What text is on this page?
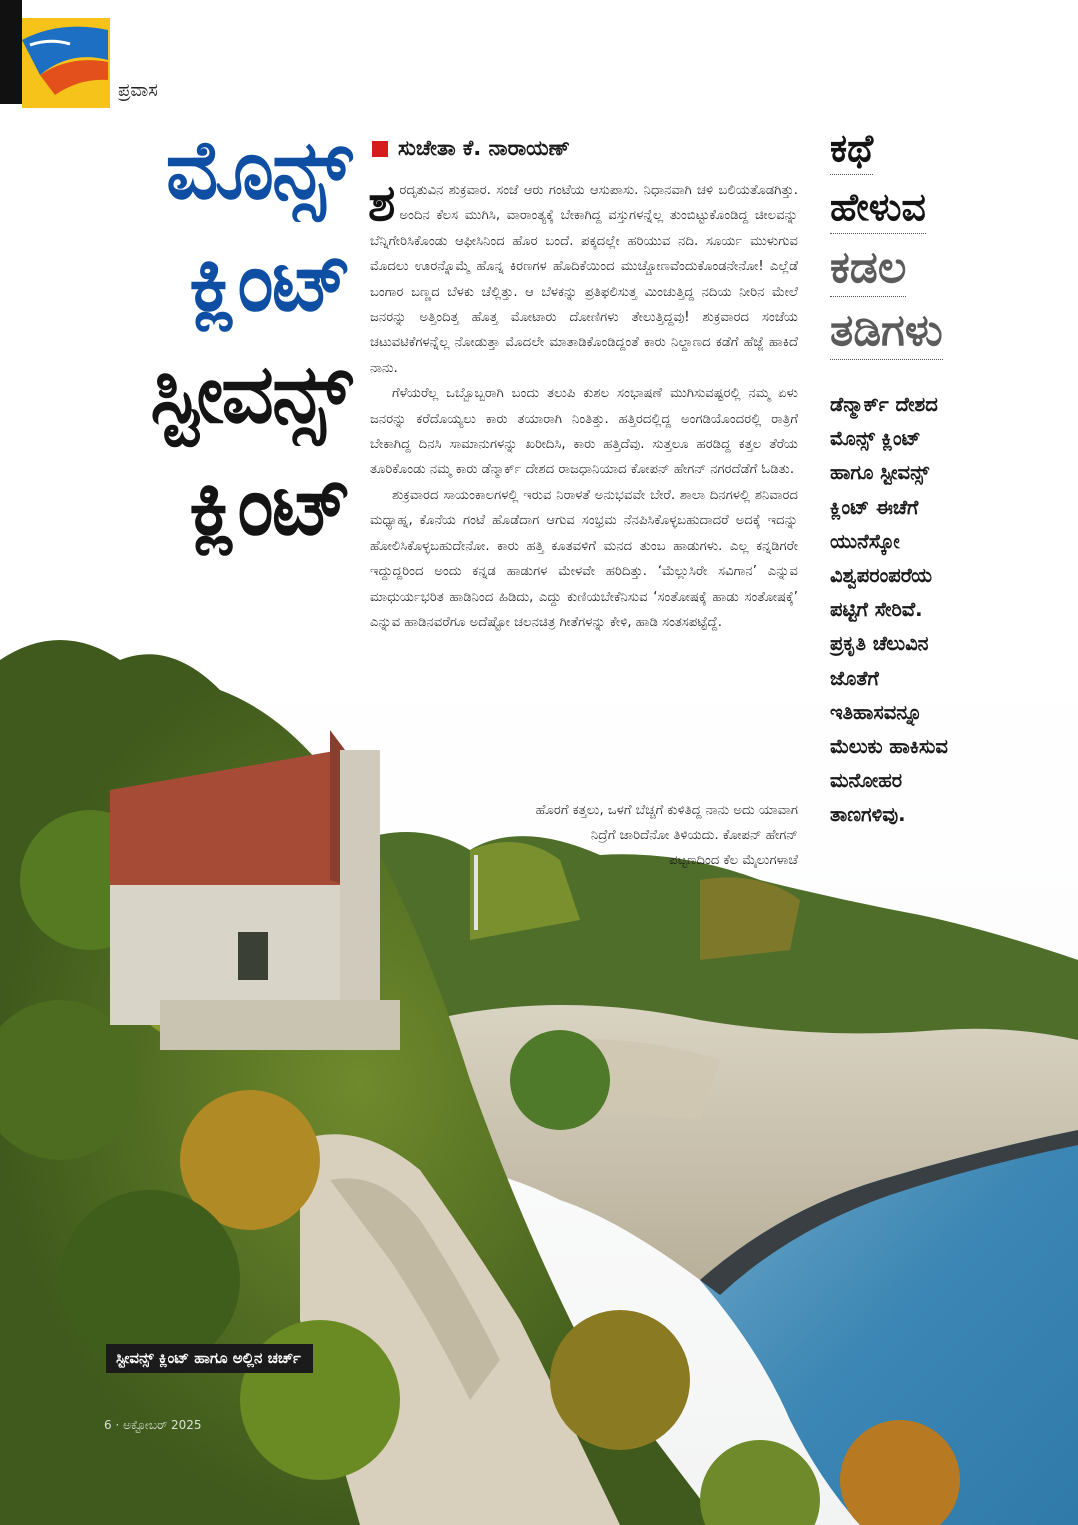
ಪ್ರವಾಸ
ಮೊನ್ಸ್
ಕ್ಲಿಂಟ್
ಸ್ಟೀವನ್ಸ್
ಕ್ಲಿಂಟ್
ಸುಚೇತಾ ಕೆ. ನಾರಾಯಣ್

ಶರದೃತುವಿನ ಶುಕ್ರವಾರ. ಸಂಜೆ ಆರು ಗಂಟೆಯ ಆಸುಪಾಸು. ನಿಧಾನವಾಗಿ ಚಳಿ ಬಲಿಯತೊಡಗಿತ್ತು. ಅಂದಿನ ಕೆಲಸ ಮುಗಿಸಿ, ವಾರಾಂತ್ಯಕ್ಕೆ ಬೇಕಾಗಿದ್ದ ವಸ್ತುಗಳನ್ನೆಲ್ಲ ತುಂಬಿಟ್ಟುಕೊಂಡಿದ್ದ ಚೀಲವನ್ನು ಬೆನ್ನಿಗೇರಿಸಿಕೊಂಡು ಆಫೀಸಿನಿಂದ ಹೊರ ಬಂದೆ. ಪಕ್ಕದಲ್ಲೇ ಹರಿಯುವ ನದಿ. ಸೂರ್ಯ ಮುಳುಗುವ ಮೊದಲು ಊರನ್ನೊಮ್ಮೆ ಹೊನ್ನ ಕಿರಣಗಳ ಹೊದಿಕೆಯಿಂದ ಮುಚ್ಚೋಣವೆಂದುಕೊಂಡನೇನೋ! ಎಲ್ಲೆಡೆ ಬಂಗಾರ ಬಣ್ಣದ ಬೆಳಕು ಚೆಲ್ಲಿತ್ತು. ಆ ಬೆಳಕನ್ನು ಪ್ರತಿಫಲಿಸುತ್ತ ಮಿಂಚುತ್ತಿದ್ದ ನದಿಯ ನೀರಿನ ಮೇಲೆ ಜನರನ್ನು ಅತ್ತಿಂದಿತ್ತ ಹೊತ್ತ ಮೋಟಾರು ದೋಣಿಗಳು ತೇಲುತ್ತಿದ್ದವು! ಶುಕ್ರವಾರದ ಸಂಜೆಯ ಚಟುವಟಿಕೆಗಳನ್ನೆಲ್ಲ ನೋಡುತ್ತಾ ಮೊದಲೇ ಮಾತಾಡಿಕೊಂಡಿದ್ದಂತೆ ಕಾರು ನಿಲ್ದಾಣದ ಕಡೆಗೆ ಹೆಜ್ಜೆ ಹಾಕಿದೆ ನಾನು.

ಗೆಳೆಯರೆಲ್ಲ ಒಬ್ಬೊಬ್ಬರಾಗಿ ಬಂದು ತಲುಪಿ ಕುಶಲ ಸಂಭಾಷಣೆ ಮುಗಿಸುವಷ್ಟರಲ್ಲಿ ನಮ್ಮ ಏಳು ಜನರನ್ನು ಕರೆದೊಯ್ಯಲು ಕಾರು ತಯಾರಾಗಿ ನಿಂತಿತ್ತು. ಹತ್ತಿರದಲ್ಲಿದ್ದ ಅಂಗಡಿಯೊಂದರಲ್ಲಿ ರಾತ್ರಿಗೆ ಬೇಕಾಗಿದ್ದ ದಿನಸಿ ಸಾಮಾನುಗಳನ್ನು ಖರೀದಿಸಿ, ಕಾರು ಹತ್ತಿದೆವು. ಸುತ್ತಲೂ ಹರಡಿದ್ದ ಕತ್ತಲ ತೆರೆಯ ತೂರಿಕೊಂಡು ನಮ್ಮ ಕಾರು ಡೆನ್ಮಾರ್ಕ್ ದೇಶದ ರಾಜಧಾನಿಯಾದ ಕೋಪನ್ ಹೇಗನ್ ನಗರದೆಡೆಗೆ ಓಡಿತು.

ಶುಕ್ರವಾರದ ಸಾಯಂಕಾಲಗಳಲ್ಲಿ ಇರುವ ನಿರಾಳತೆ ಅನುಭವವೇ ಬೇರೆ. ಶಾಲಾ ದಿನಗಳಲ್ಲಿ ಶನಿವಾರದ ಮಧ್ಯಾಹ್ನ, ಕೊನೆಯ ಗಂಟೆ ಹೊಡೆದಾಗ ಆಗುವ ಸಂಭ್ರಮ ನೆನಪಿಸಿಕೊಳ್ಳಬಹುದಾದರೆ ಅದಕ್ಕೆ ಇದನ್ನು ಹೋಲಿಸಿಕೊಳ್ಳಬಹುದೇನೋ. ಕಾರು ಹತ್ತಿ ಕೂತವಳಿಗೆ ಮನದ ತುಂಬ ಹಾಡುಗಳು. ಎಲ್ಲ ಕನ್ನಡಿಗರೇ ಇದ್ದುದ್ದರಿಂದ ಅಂದು ಕನ್ನಡ ಹಾಡುಗಳ ಮೇಳವೇ ಹರಿದಿತ್ತು. ‘ಮೆಲ್ಲುಸಿರೇ ಸವಿಗಾನ’ ಎನ್ನುವ ಮಾಧುರ್ಯಭರಿತ ಹಾಡಿನಿಂದ ಹಿಡಿದು, ಎದ್ದು ಕುಣಿಯಬೇಕೆನಿಸುವ ‘ಸಂತೋಷಕ್ಕೆ ಹಾಡು ಸಂತೋಷಕ್ಕೆ’ ಎನ್ನುವ ಹಾಡಿನವರೆಗೂ ಅದೆಷ್ಟೋ ಚಲನಚಿತ್ರ ಗೀತೆಗಳನ್ನು ಕೇಳಿ, ಹಾಡಿ ಸಂತಸಪಟ್ಟೆದ್ದೆ.

ಹೊರಗೆ ಕತ್ತಲು, ಒಳಗೆ ಬೆಚ್ಚಗೆ ಕುಳಿತಿದ್ದ ನಾನು ಅದು ಯಾವಾಗ
ನಿದ್ರೆಗೆ ಜಾರಿದೆನೋ ತಿಳಿಯದು. ಕೋಪನ್ ಹೇಗನ್
ಪಟ್ಟಣದಿಂದ ಕೆಲ ಮೈಲುಗಳಾಚೆ
ಕಥೆ
ಹೇಳುವ
ಕಡಲ
ತಡಿಗಳು
ಡೆನ್ಮಾರ್ಕ್ ದೇಶದ
ಮೊನ್ಸ್ ಕ್ಲಿಂಟ್
ಹಾಗೂ ಸ್ಟೀವನ್ಸ್
ಕ್ಲಿಂಟ್ ಈಚೆಗೆ
ಯುನೆಸ್ಕೋ
ವಿಶ್ವಪರಂಪರೆಯ
ಪಟ್ಟಿಗೆ ಸೇರಿವೆ.
ಪ್ರಕೃತಿ ಚೆಲುವಿನ
ಜೊತೆಗೆ
ಇತಿಹಾಸವನ್ನೂ
ಮೆಲುಕು ಹಾಕಿಸುವ
ಮನೋಹರ
ತಾಣಗಳಿವು.
ಸ್ಟೀವನ್ಸ್ ಕ್ಲಿಂಟ್ ಹಾಗೂ ಅಲ್ಲಿನ ಚರ್ಚ್
6 · ಅಕ್ಟೋಬರ್ 2025
